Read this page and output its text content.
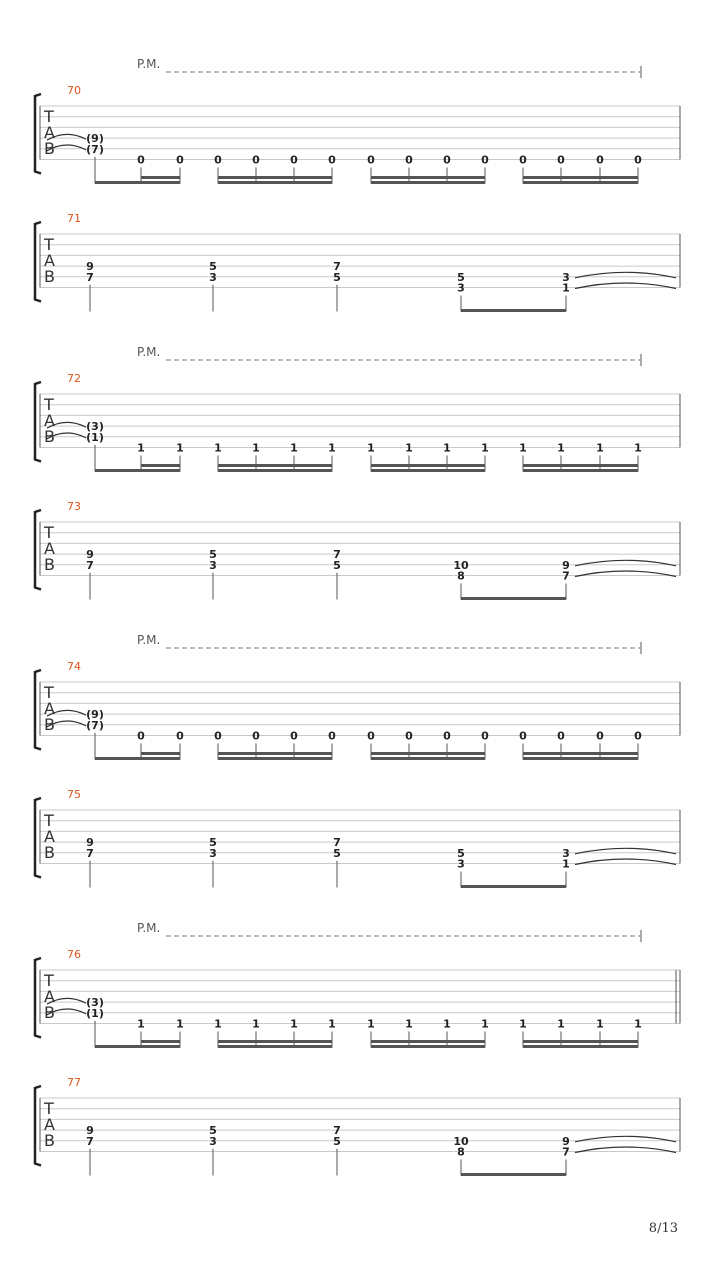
P.M.
70
T
A
B
(9)
(7)
0	0	0	0	0	0	0	0	0	0	0	0	0	0
71
T
A
B
9
7
5
3
7
5	5
3
3
1
P.M.
72
T
A
B
(3)
(1)
1	1	1	1	1	1	1	1	1	1	1	1	1	1
73
T
A
B
9
7
5
3
7
5	10
8
9
7
P.M.
74
T
A
B
(9)
(7)
0	0	0	0	0	0	0	0	0	0	0	0	0	0
75
T
A
B
9
7
5
3
7
5	5
3
3
1
P.M.
76
T
A
B
(3)
(1)
1	1	1	1	1	1	1	1	1	1	1	1	1	1
77
T
A
B
9
7
5
3
7
5	10
8
9
7
8/13
